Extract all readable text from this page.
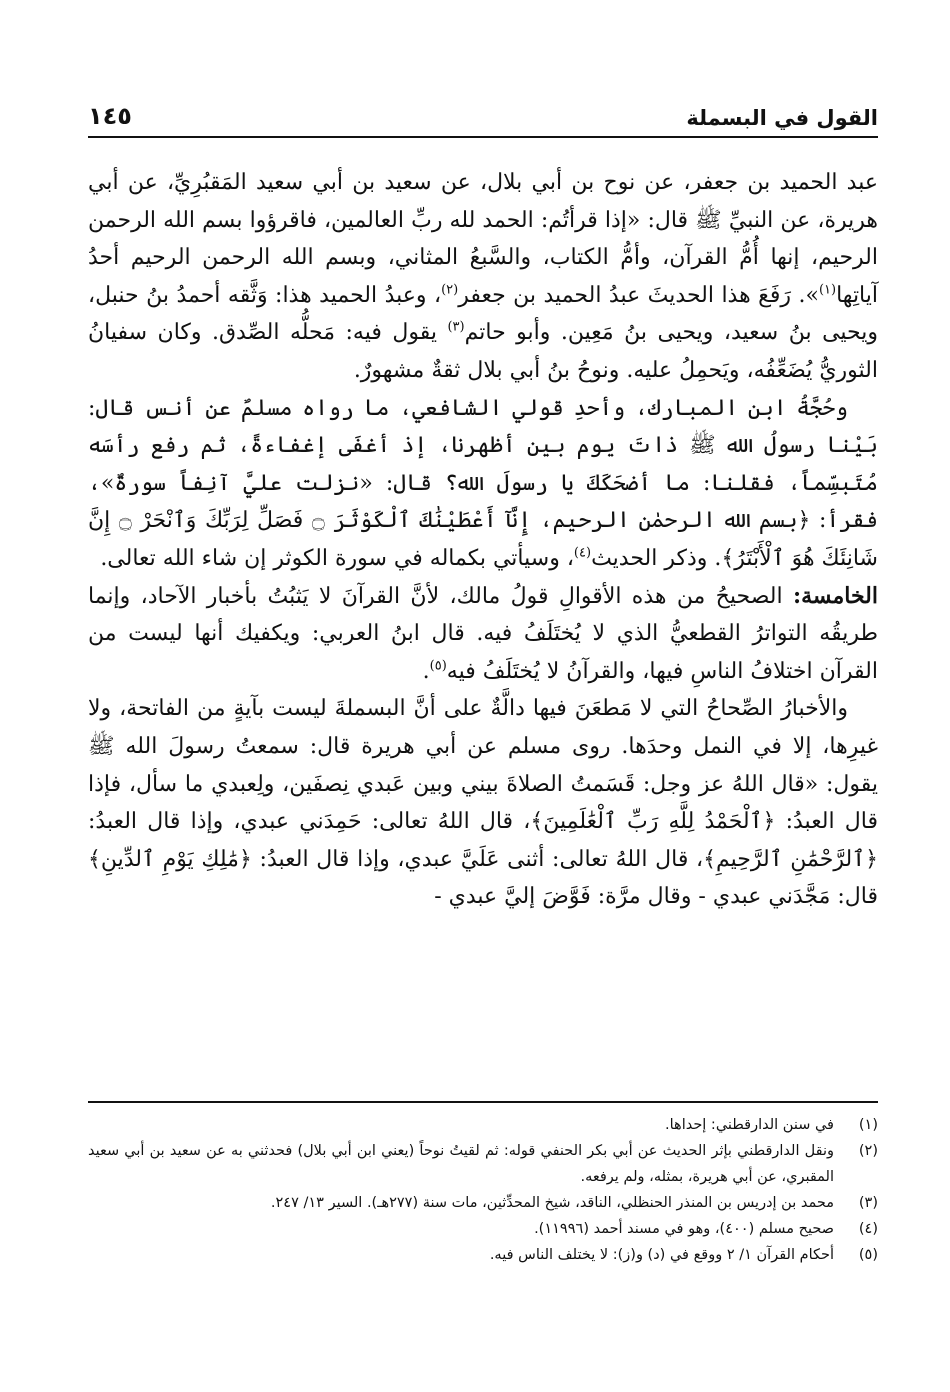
القول في البسملة
١٤٥

عبد الحميد بن جعفر، عن نوح بن أبي بلال، عن سعيد بن أبي سعيد المَقبُرِيِّ، عن أبي هريرة، عن النبيِّ ﷺ قال: «إذا قرأتُم: الحمد لله ربِّ العالمين، فاقرؤوا بسم الله الرحمن الرحيم، إنها أُمُّ القرآن، وأمُّ الكتاب، والسَّبعُ المثاني، وبسم الله الرحمن الرحيم أحدُ آياتِها$^{(١)}$». رَفَعَ هذا الحديثَ عبدُ الحميد بن جعفر$^{(٢)}$، وعبدُ الحميد هذا: وَثَّقه أحمدُ بنُ حنبل، ويحيى بنُ سعيد، ويحيى بنُ مَعِين. وأبو حاتم$^{(٣)}$ يقول فيه: مَحلُّه الصِّدق. وكان سفيانُ الثوريُّ يُضَعِّفُه، ويَحمِلُ عليه. ونوحُ بنُ أبي بلال ثقةٌ مشهورٌ.

وحُجَّةُ ابن المبارك، وأحدِ قولي الشافعي، ما رواه مسلمٌ عن أنس قال: بَيْنا رسولُ الله ﷺ ذاتَ يوم بين أظهرنا، إذ أغفَى إغفاءةً، ثم رفع رأسَه مُتَبسِّماً، فقلنا: ما أضحَكَكَ يا رسولَ الله؟ قال: «نزلت عليَّ آنِفاً سورةٌ»، فقرأ: ﴿بسم الله الرحمٰن الرحيم، إِنَّآ أَعْطَيْنَٰكَ ٱلْكَوْثَرَ ۝ فَصَلِّ لِرَبِّكَ وَٱنْحَرْ ۝ إِنَّ شَانِئَكَ هُوَ ٱلْأَبْتَرُ﴾. وذكر الحديث$^{(٤)}$، وسيأتي بكماله في سورة الكوثر إن شاء الله تعالى.

الخامسة: الصحيحُ من هذه الأقوالِ قولُ مالك، لأنَّ القرآنَ لا يَثبُتُ بأخبار الآحاد، وإنما طريقُه التواترُ القطعيُّ الذي لا يُختَلَفُ فيه. قال ابنُ العربي: ويكفيك أنها ليست من القرآن اختلافُ الناسِ فيها، والقرآنُ لا يُختَلَفُ فيه$^{(٥)}$.

والأخبارُ الصِّحاحُ التي لا مَطعَنَ فيها دالَّةٌ على أنَّ البسملةَ ليست بآيةٍ من الفاتحة، ولا غيرِها، إلا في النمل وحدَها. روى مسلم عن أبي هريرة قال: سمعتُ رسولَ الله ﷺ يقول: «قال اللهُ عز وجل: قَسَمتُ الصلاةَ بيني وبين عَبدي نِصفَين، ولِعبدي ما سأل، فإذا قال العبدُ: ﴿ٱلْحَمْدُ لِلَّهِ رَبِّ ٱلْعَٰلَمِينَ﴾، قال اللهُ تعالى: حَمِدَني عبدي، وإذا قال العبدُ: ﴿ٱلرَّحْمَٰنِ ٱلرَّحِيمِ﴾، قال اللهُ تعالى: أثنى عَلَيَّ عبدي، وإذا قال العبدُ: ﴿مَٰلِكِ يَوْمِ ٱلدِّينِ﴾ قال: مَجَّدَني عبدي - وقال مرَّة: فَوَّضَ إليَّ عبدي -

(١)
في سنن الدارقطني: إحداها.
(٢)
ونقل الدارقطني بإثر الحديث عن أبي بكر الحنفي قوله: ثم لقيتُ نوحاً (يعني ابن أبي بلال) فحدثني به عن سعيد بن أبي سعيد المقبري، عن أبي هريرة، بمثله، ولم يرفعه.
(٣)
محمد بن إدريس بن المنذر الحنظلي، الناقد، شيخ المحدِّثين، مات سنة (٢٧٧هـ). السير ١٣/ ٢٤٧.
(٤)
صحيح مسلم (٤٠٠)، وهو في مسند أحمد (١١٩٩٦).
(٥)
أحكام القرآن ١/ ٢ ووقع في (د) و(ز): لا يختلف الناس فيه.
